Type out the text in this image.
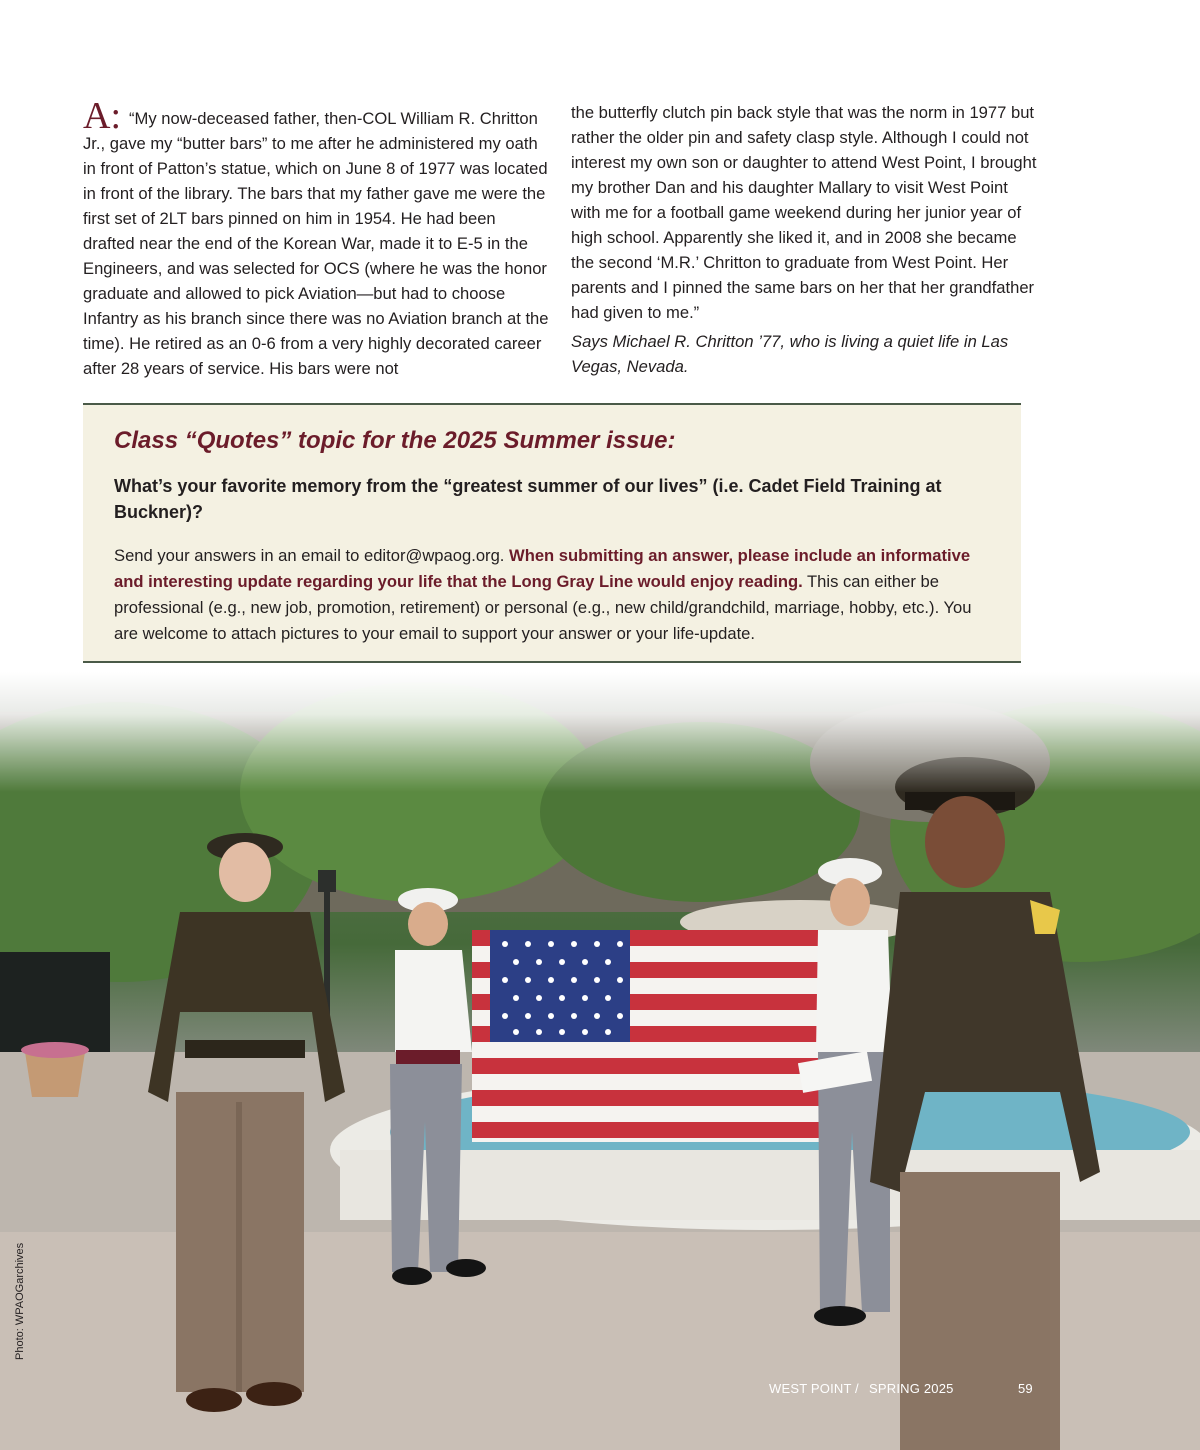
A: “My now-deceased father, then-COL William R. Chritton Jr., gave my “butter bars” to me after he administered my oath in front of Patton’s statue, which on June 8 of 1977 was located in front of the library. The bars that my father gave me were the first set of 2LT bars pinned on him in 1954. He had been drafted near the end of the Korean War, made it to E-5 in the Engineers, and was selected for OCS (where he was the honor graduate and allowed to pick Aviation—but had to choose Infantry as his branch since there was no Aviation branch at the time). He retired as an 0-6 from a very highly decorated career after 28 years of service. His bars were not

the butterfly clutch pin back style that was the norm in 1977 but rather the older pin and safety clasp style. Although I could not interest my own son or daughter to attend West Point, I brought my brother Dan and his daughter Mallary to visit West Point with me for a football game weekend during her junior year of high school. Apparently she liked it, and in 2008 she became the second ‘M.R.’ Chritton to graduate from West Point. Her parents and I pinned the same bars on her that her grandfather had given to me.”

Says Michael R. Chritton ’77, who is living a quiet life in Las Vegas, Nevada.

Class “Quotes” topic for the 2025 Summer issue:

What’s your favorite memory from the “greatest summer of our lives” (i.e. Cadet Field Training at Buckner)?

Send your answers in an email to editor@wpaog.org. When submitting an answer, please include an informative and interesting update regarding your life that the Long Gray Line would enjoy reading. This can either be professional (e.g., new job, promotion, retirement) or personal (e.g., new child/grandchild, marriage, hobby, etc.). You are welcome to attach pictures to your email to support your answer or your life-update.

Photo: WPAOGarchives
WEST POINT / SPRING 2025	59
